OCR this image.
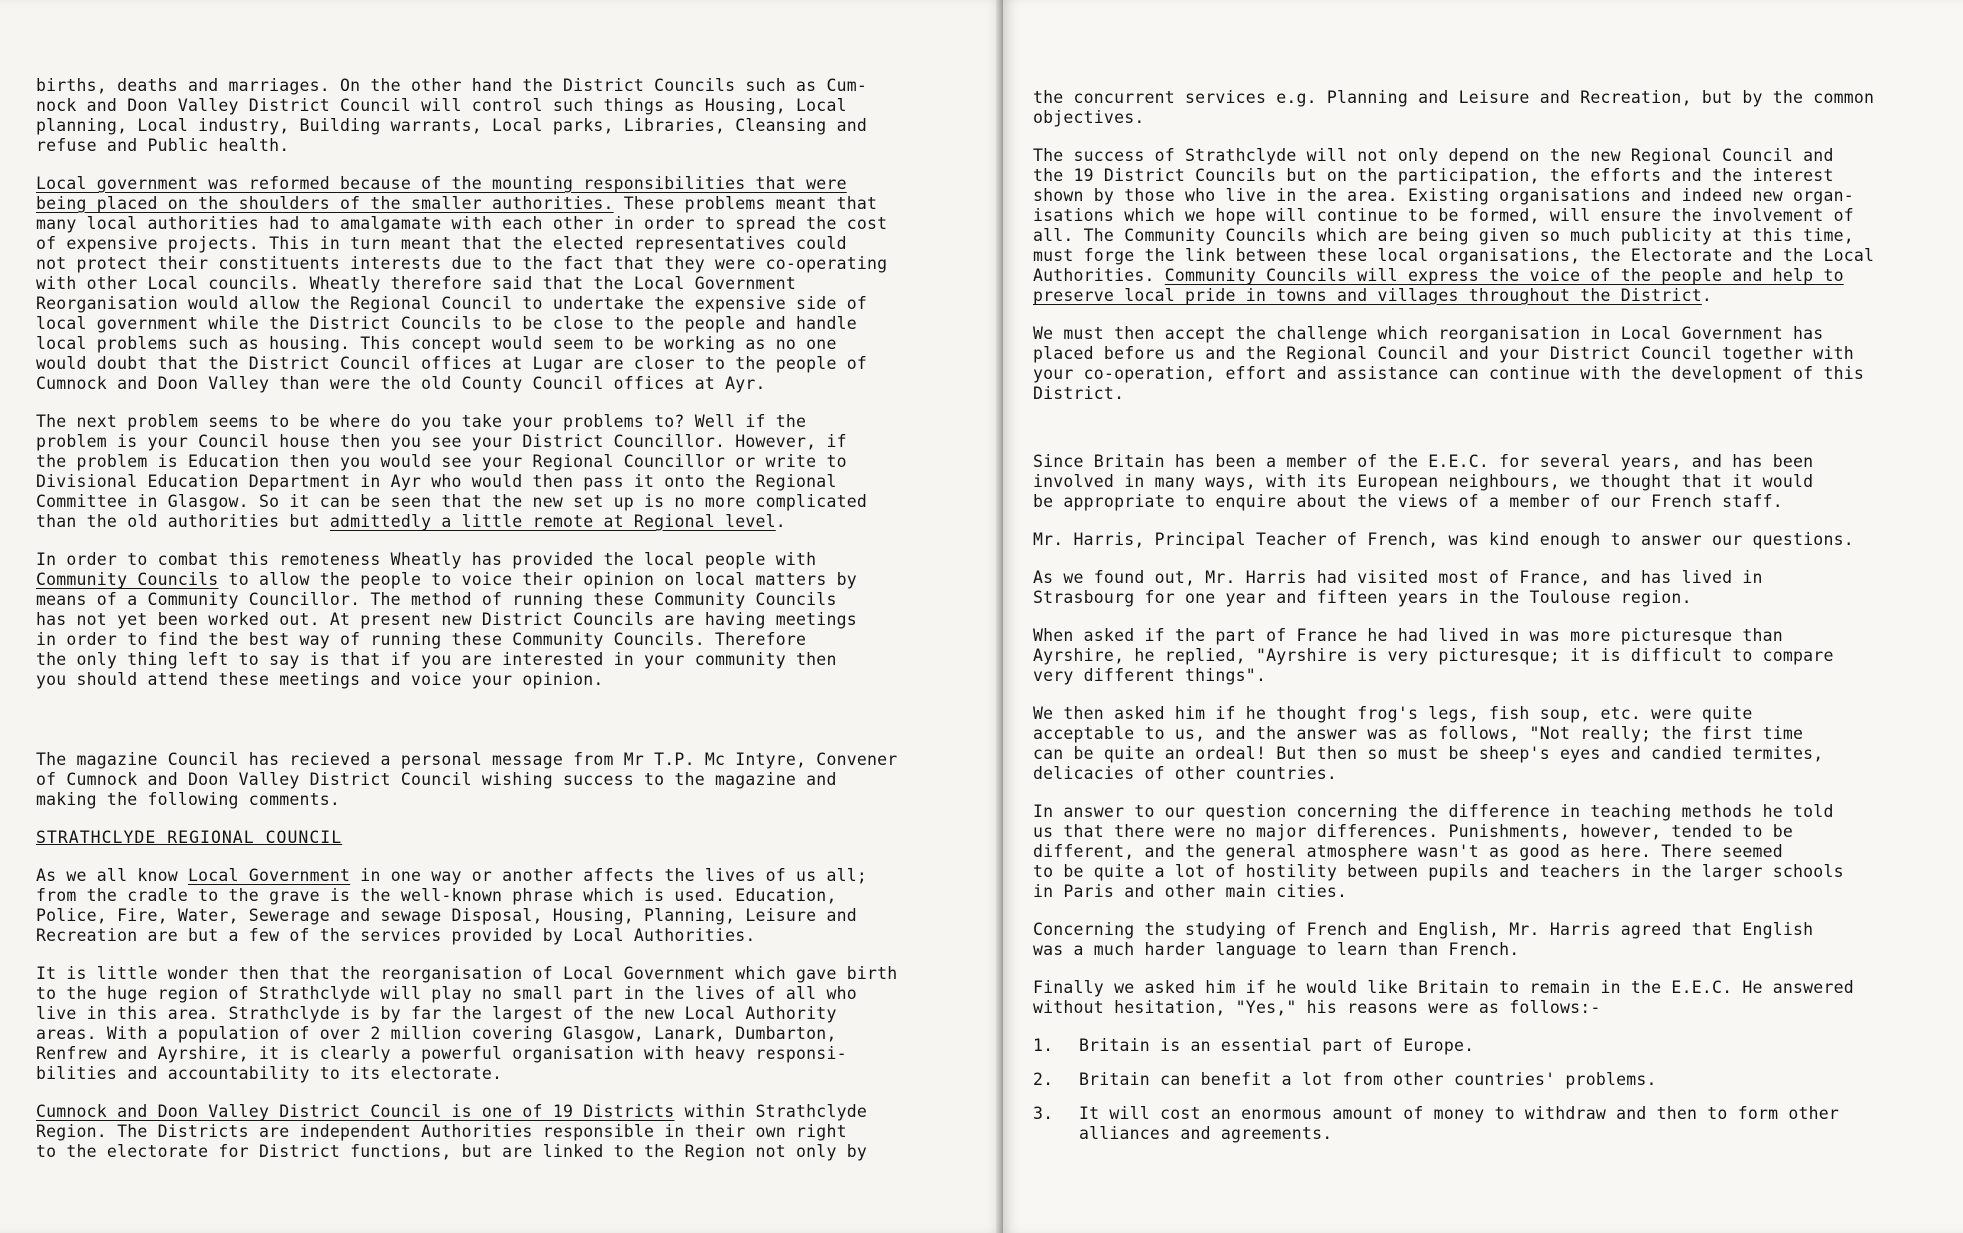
births, deaths and marriages. On the other hand the District Councils such as Cum-
nock and Doon Valley District Council will control such things as Housing, Local
planning, Local industry, Building warrants, Local parks, Libraries, Cleansing and
refuse and Public health.

Local government was reformed because of the mounting responsibilities that were
being placed on the shoulders of the smaller authorities. These problems meant that
many local authorities had to amalgamate with each other in order to spread the cost
of expensive projects. This in turn meant that the elected representatives could
not protect their constituents interests due to the fact that they were co-operating
with other Local councils. Wheatly therefore said that the Local Government
Reorganisation would allow the Regional Council to undertake the expensive side of
local government while the District Councils to be close to the people and handle
local problems such as housing. This concept would seem to be working as no one
would doubt that the District Council offices at Lugar are closer to the people of
Cumnock and Doon Valley than were the old County Council offices at Ayr.

The next problem seems to be where do you take your problems to? Well if the
problem is your Council house then you see your District Councillor. However, if
the problem is Education then you would see your Regional Councillor or write to
Divisional Education Department in Ayr who would then pass it onto the Regional
Committee in Glasgow. So it can be seen that the new set up is no more complicated
than the old authorities but admittedly a little remote at Regional level.

In order to combat this remoteness Wheatly has provided the local people with
Community Councils to allow the people to voice their opinion on local matters by
means of a Community Councillor. The method of running these Community Councils
has not yet been worked out. At present new District Councils are having meetings
in order to find the best way of running these Community Councils. Therefore
the only thing left to say is that if you are interested in your community then
you should attend these meetings and voice your opinion.

The magazine Council has recieved a personal message from Mr T.P. Mc Intyre, Convener
of Cumnock and Doon Valley District Council wishing success to the magazine and
making the following comments.

STRATHCLYDE REGIONAL COUNCIL

As we all know Local Government in one way or another affects the lives of us all;
from the cradle to the grave is the well-known phrase which is used. Education,
Police, Fire, Water, Sewerage and sewage Disposal, Housing, Planning, Leisure and
Recreation are but a few of the services provided by Local Authorities.

It is little wonder then that the reorganisation of Local Government which gave birth
to the huge region of Strathclyde will play no small part in the lives of all who
live in this area. Strathclyde is by far the largest of the new Local Authority
areas. With a population of over 2 million covering Glasgow, Lanark, Dumbarton,
Renfrew and Ayrshire, it is clearly a powerful organisation with heavy responsi-
bilities and accountability to its electorate.

Cumnock and Doon Valley District Council is one of 19 Districts within Strathclyde
Region. The Districts are independent Authorities responsible in their own right
to the electorate for District functions, but are linked to the Region not only by

the concurrent services e.g. Planning and Leisure and Recreation, but by the common
objectives.

The success of Strathclyde will not only depend on the new Regional Council and
the 19 District Councils but on the participation, the efforts and the interest
shown by those who live in the area. Existing organisations and indeed new organ-
isations which we hope will continue to be formed, will ensure the involvement of
all. The Community Councils which are being given so much publicity at this time,
must forge the link between these local organisations, the Electorate and the Local
Authorities. Community Councils will express the voice of the people and help to
preserve local pride in towns and villages throughout the District.

We must then accept the challenge which reorganisation in Local Government has
placed before us and the Regional Council and your District Council together with
your co-operation, effort and assistance can continue with the development of this
District.

Since Britain has been a member of the E.E.C. for several years, and has been
involved in many ways, with its European neighbours, we thought that it would
be appropriate to enquire about the views of a member of our French staff.

Mr. Harris, Principal Teacher of French, was kind enough to answer our questions.

As we found out, Mr. Harris had visited most of France, and has lived in
Strasbourg for one year and fifteen years in the Toulouse region.

When asked if the part of France he had lived in was more picturesque than
Ayrshire, he replied, "Ayrshire is very picturesque; it is difficult to compare
very different things".

We then asked him if he thought frog's legs, fish soup, etc. were quite
acceptable to us, and the answer was as follows, "Not really; the first time
can be quite an ordeal! But then so must be sheep's eyes and candied termites,
delicacies of other countries.

In answer to our question concerning the difference in teaching methods he told
us that there were no major differences. Punishments, however, tended to be
different, and the general atmosphere wasn't as good as here. There seemed
to be quite a lot of hostility between pupils and teachers in the larger schools
in Paris and other main cities.

Concerning the studying of French and English, Mr. Harris agreed that English
was a much harder language to learn than French.

Finally we asked him if he would like Britain to remain in the E.E.C. He answered
without hesitation, "Yes," his reasons were as follows:-

1.	Britain is an essential part of Europe.
2.	Britain can benefit a lot from other countries' problems.
3.	It will cost an enormous amount of money to withdraw and then to form other
alliances and agreements.
